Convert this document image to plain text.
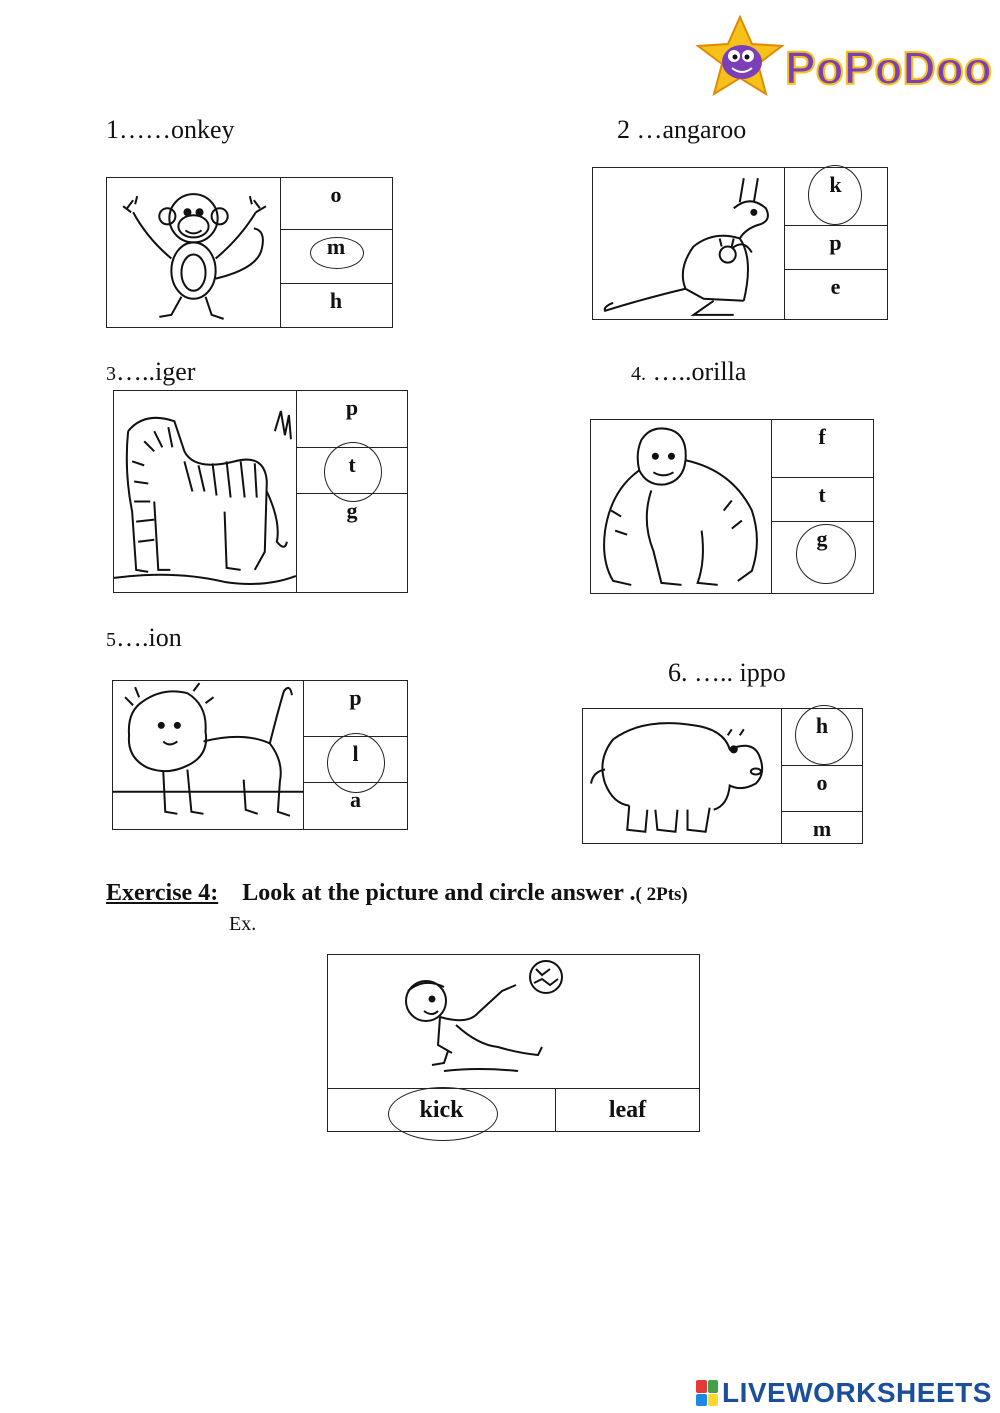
PoPoDoo
1……onkey
o
m
h
2 …angaroo
k
p
e
3…..iger
p
t
g
4. …..orilla
f
t
g
5….ion
p
l
a
6. ….. ippo
h
o
m
Exercise 4: Look at the picture and circle answer .( 2Pts)
Ex.
kick	leaf
LIVEWORKSHEETS
